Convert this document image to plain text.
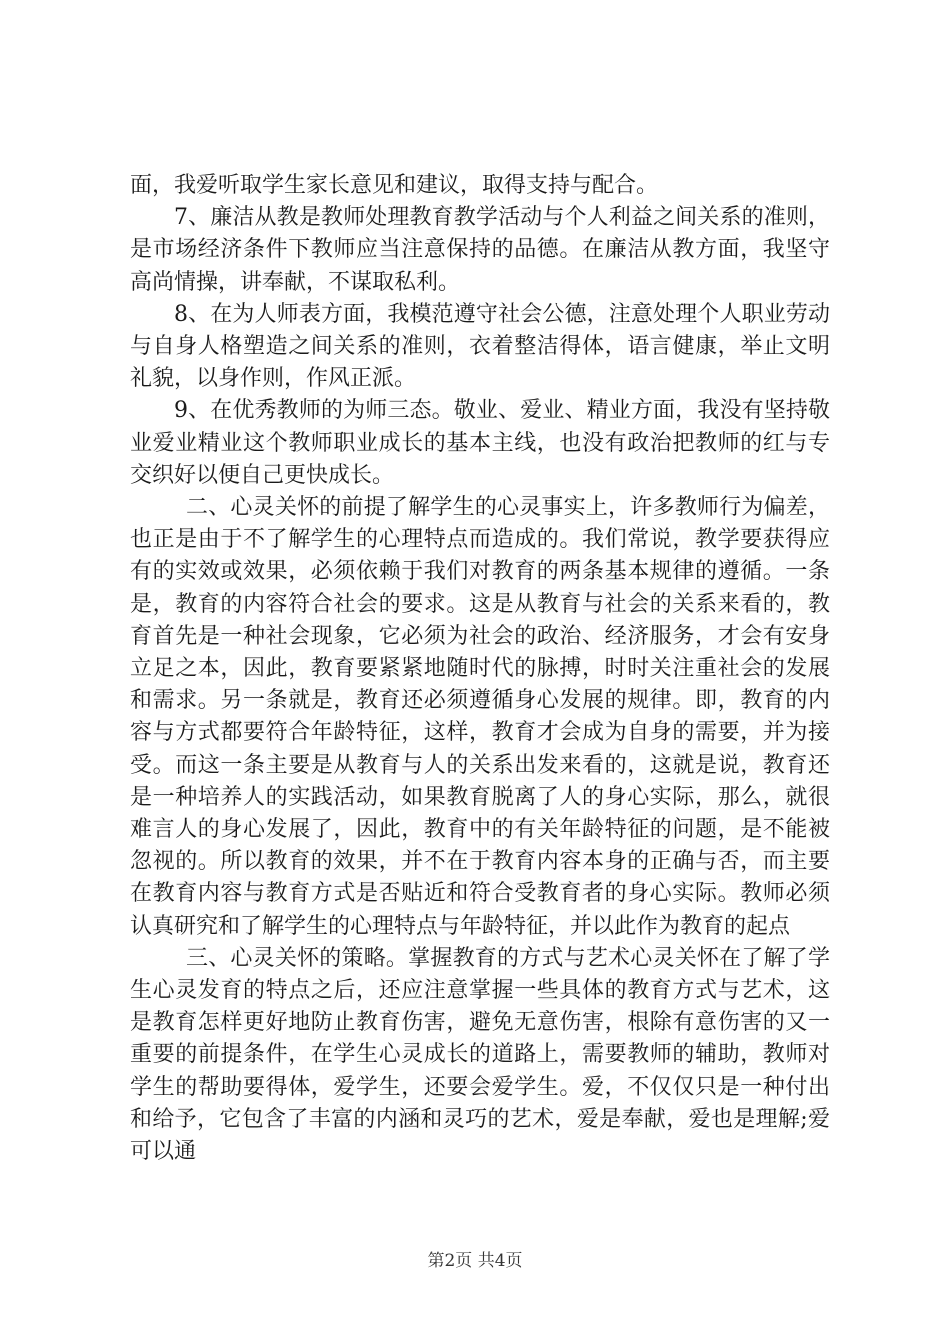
面，我爱听取学生家长意见和建议，取得支持与配合。

7、廉洁从教是教师处理教育教学活动与个人利益之间关系的准则，是市场经济条件下教师应当注意保持的品德。在廉洁从教方面，我坚守高尚情操，讲奉献，不谋取私利。

8、在为人师表方面，我模范遵守社会公德，注意处理个人职业劳动与自身人格塑造之间关系的准则，衣着整洁得体，语言健康，举止文明礼貌，以身作则，作风正派。

9、在优秀教师的为师三态。敬业、爱业、精业方面，我没有坚持敬业爱业精业这个教师职业成长的基本主线，也没有政治把教师的红与专交织好以便自己更快成长。

二、心灵关怀的前提了解学生的心灵事实上，许多教师行为偏差，也正是由于不了解学生的心理特点而造成的。我们常说，教学要获得应有的实效或效果，必须依赖于我们对教育的两条基本规律的遵循。一条是，教育的内容符合社会的要求。这是从教育与社会的关系来看的，教育首先是一种社会现象，它必须为社会的政治、经济服务，才会有安身立足之本，因此，教育要紧紧地随时代的脉搏，时时关注重社会的发展和需求。另一条就是，教育还必须遵循身心发展的规律。即，教育的内容与方式都要符合年龄特征，这样，教育才会成为自身的需要，并为接受。而这一条主要是从教育与人的关系出发来看的，这就是说，教育还是一种培养人的实践活动，如果教育脱离了人的身心实际，那么，就很难言人的身心发展了，因此，教育中的有关年龄特征的问题，是不能被忽视的。所以教育的效果，并不在于教育内容本身的正确与否，而主要在教育内容与教育方式是否贴近和符合受教育者的身心实际。教师必须认真研究和了解学生的心理特点与年龄特征，并以此作为教育的起点

三、心灵关怀的策略。掌握教育的方式与艺术心灵关怀在了解了学生心灵发育的特点之后，还应注意掌握一些具体的教育方式与艺术，这是教育怎样更好地防止教育伤害，避免无意伤害，根除有意伤害的又一重要的前提条件，在学生心灵成长的道路上，需要教师的辅助，教师对学生的帮助要得体，爱学生，还要会爱学生。爱，不仅仅只是一种付出和给予，它包含了丰富的内涵和灵巧的艺术，爱是奉献，爱也是理解;爱可以通

第2页 共4页
